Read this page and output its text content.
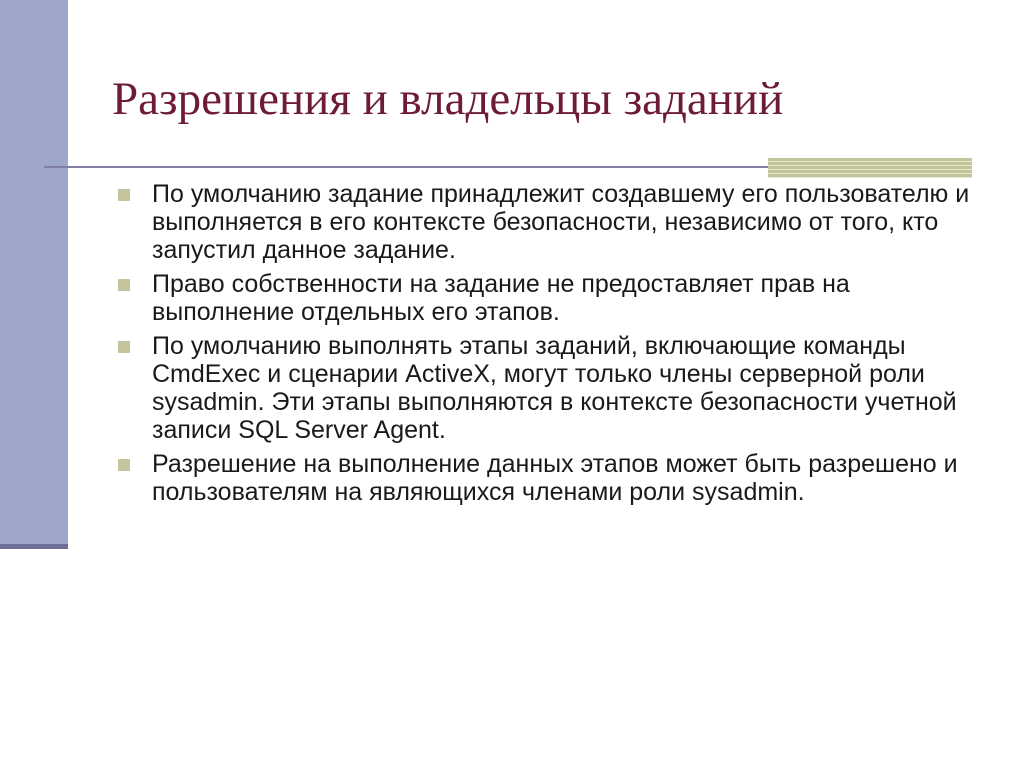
Разрешения и владельцы заданий
По умолчанию задание принадлежит создавшему его пользователю и выполняется в его контексте безопасности, независимо от того, кто запустил данное задание.
Право собственности на задание не предоставляет прав на выполнение отдельных его этапов.
По умолчанию выполнять этапы заданий, включающие команды CmdExec и сценарии ActiveX, могут только члены серверной роли sysadmin. Эти этапы выполняются в контексте безопасности учетной записи SQL Server Agent.
Разрешение на выполнение данных этапов может быть разрешено и пользователям на являющихся членами роли sysadmin.
